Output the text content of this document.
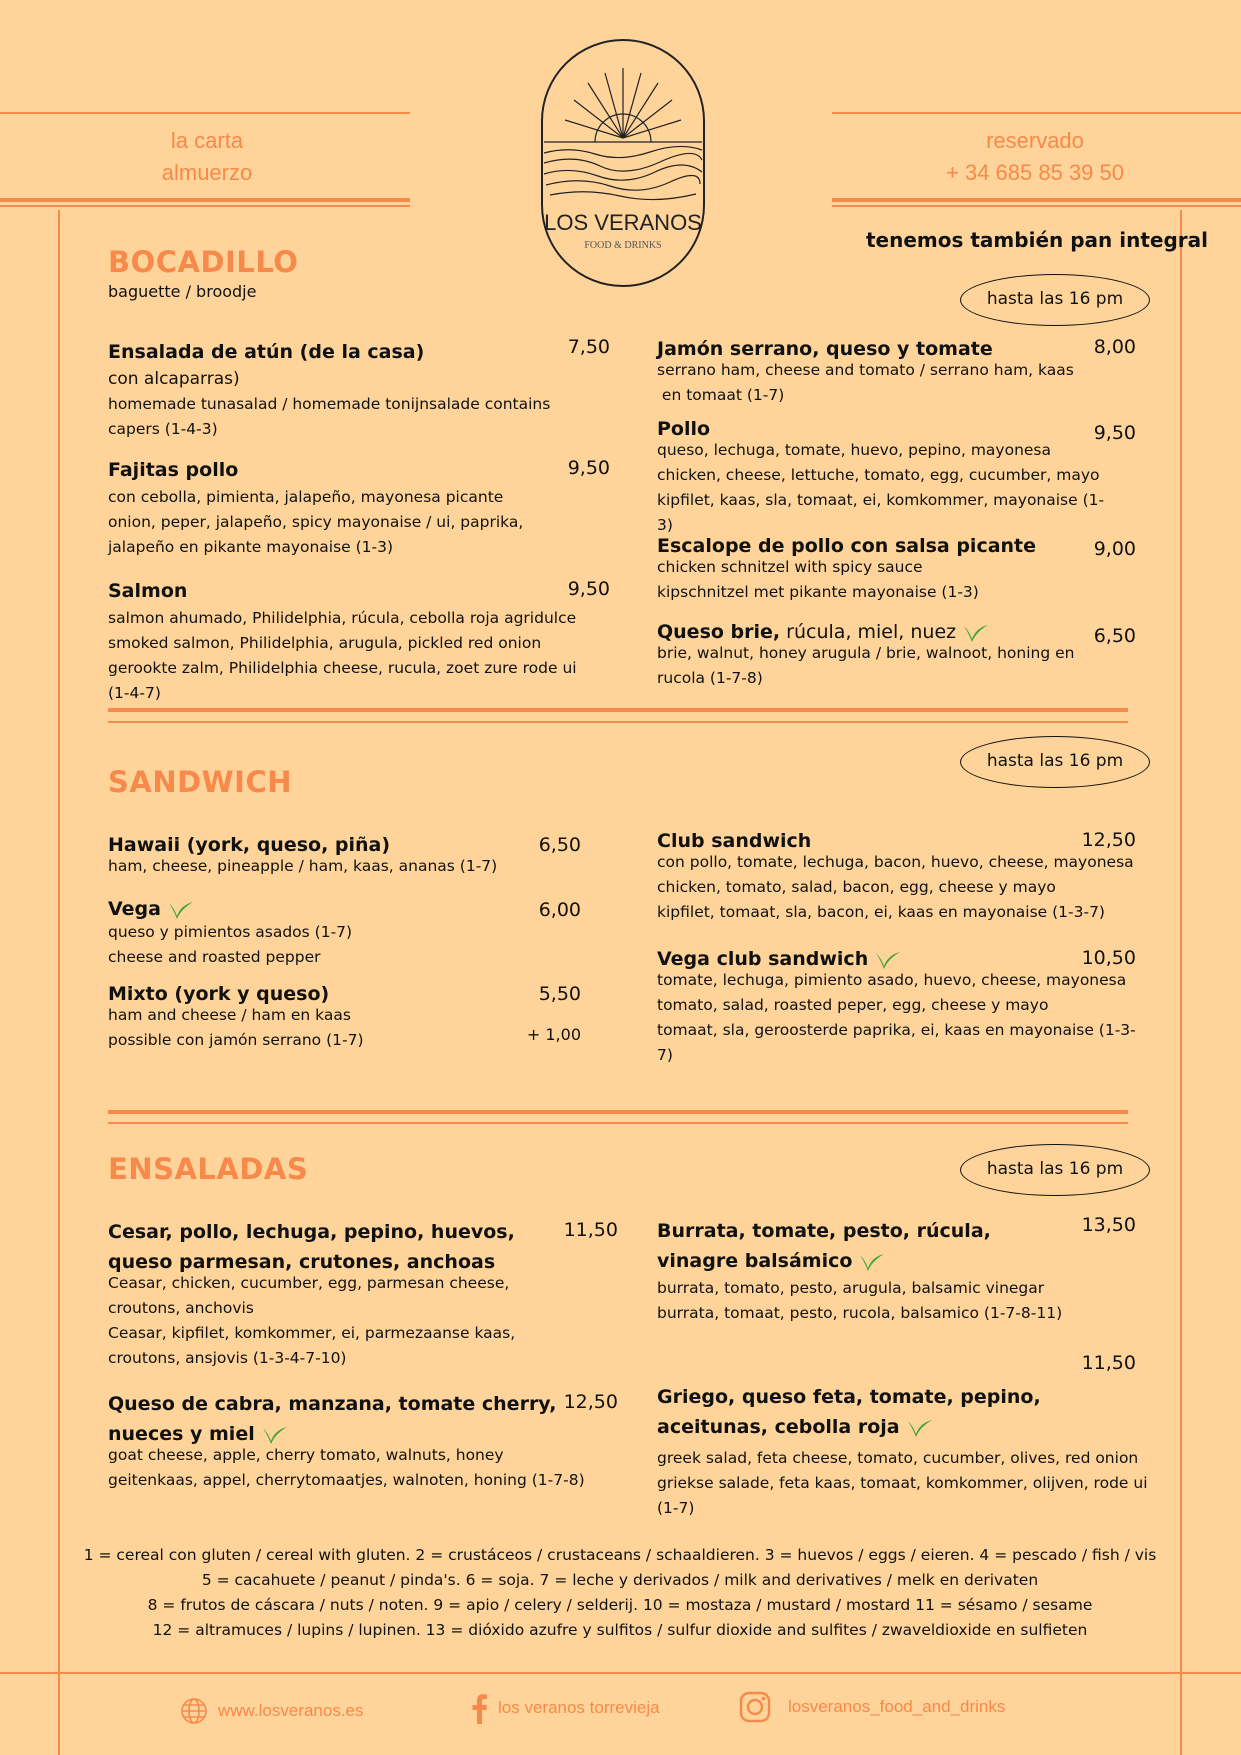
la carta
almuerzo
reservado
+ 34 685 85 39 50
LOS VERANOS
FOOD & DRINKS	tenemos también pan integral
BOCADILLO
baguette / broodje	hasta las 16 pm
Ensalada de atún (de la casa)
con alcaparras)
homemade tunasalad / homemade tonijnsalade contains
capers (1-4-3)
7,50
Fajitas pollo
con cebolla, pimienta, jalapeño, mayonesa picante
onion, peper, jalapeño, spicy mayonaise / ui, paprika,
jalapeño en pikante mayonaise (1-3)
9,50
Salmon
salmon ahumado, Philidelphia, rúcula, cebolla roja agridulce
smoked salmon, Philidelphia, arugula, pickled red onion
gerookte zalm, Philidelphia cheese, rucula, zoet zure rode ui
(1-4-7)
9,50
Jamón serrano, queso y tomate
serrano ham, cheese and tomato / serrano ham, kaas
en tomaat (1-7)
8,00
Pollo
queso, lechuga, tomate, huevo, pepino, mayonesa
chicken, cheese, lettuche, tomato, egg, cucumber, mayo
kipfilet, kaas, sla, tomaat, ei, komkommer, mayonaise (1-3)
9,50
Escalope de pollo con salsa picante
chicken schnitzel with spicy sauce
kipschnitzel met pikante mayonaise (1-3)
9,00
Queso brie, rúcula, miel, nuez
brie, walnut, honey arugula / brie, walnoot, honing en
rucola (1-7-8)
6,50
SANDWICH
hasta las 16 pm
Hawaii (york, queso, piña)
ham, cheese, pineapple / ham, kaas, ananas (1-7)
6,50
Vega
queso y pimientos asados (1-7)
cheese and roasted pepper
6,00
Mixto (york y queso)
ham and cheese / ham en kaas
possible con jamón serrano (1-7)
5,50
+ 1,00
Club sandwich
con pollo, tomate, lechuga, bacon, huevo, cheese, mayonesa
chicken, tomato, salad, bacon, egg, cheese y mayo
kipfilet, tomaat, sla, bacon, ei, kaas en mayonaise (1-3-7)
12,50
Vega club sandwich
tomate, lechuga, pimiento asado, huevo, cheese, mayonesa
tomato, salad, roasted peper, egg, cheese y mayo
tomaat, sla, geroosterde paprika, ei, kaas en mayonaise (1-3-7)
10,50
ENSALADAS	hasta las 16 pm
Cesar, pollo, lechuga, pepino, huevos,
queso parmesan, crutones, anchoas
Ceasar, chicken, cucumber, egg, parmesan cheese,
croutons, anchovis
Ceasar, kipfilet, komkommer, ei, parmezaanse kaas,
croutons, ansjovis (1-3-4-7-10)
11,50
Queso de cabra, manzana, tomate cherry,
nueces y miel
goat cheese, apple, cherry tomato, walnuts, honey
geitenkaas, appel, cherrytomaatjes, walnoten, honing (1-7-8)
12,50
Burrata, tomate, pesto, rúcula,
vinagre balsámico
burrata, tomato, pesto, arugula, balsamic vinegar
burrata, tomaat, pesto, rucola, balsamico (1-7-8-11)
13,50
Griego, queso feta, tomate, pepino,
aceitunas, cebolla roja
greek salad, feta cheese, tomato, cucumber, olives, red onion
griekse salade, feta kaas, tomaat, komkommer, olijven, rode ui
(1-7)
11,50
1 = cereal con gluten / cereal with gluten. 2 = crustáceos / crustaceans / schaaldieren. 3 = huevos / eggs / eieren. 4 = pescado / fish / vis
5 = cacahuete / peanut / pinda's. 6 = soja. 7 = leche y derivados / milk and derivatives / melk en derivaten
8 = frutos de cáscara / nuts / noten. 9 = apio / celery / selderij. 10 = mostaza / mustard / mostard 11 = sésamo / sesame
12 = altramuces / lupins / lupinen. 13 = dióxido azufre y sulfitos / sulfur dioxide and sulfites / zwaveldioxide en sulfieten
www.losveranos.es	los veranos torrevieja	losveranos_food_and_drinks
